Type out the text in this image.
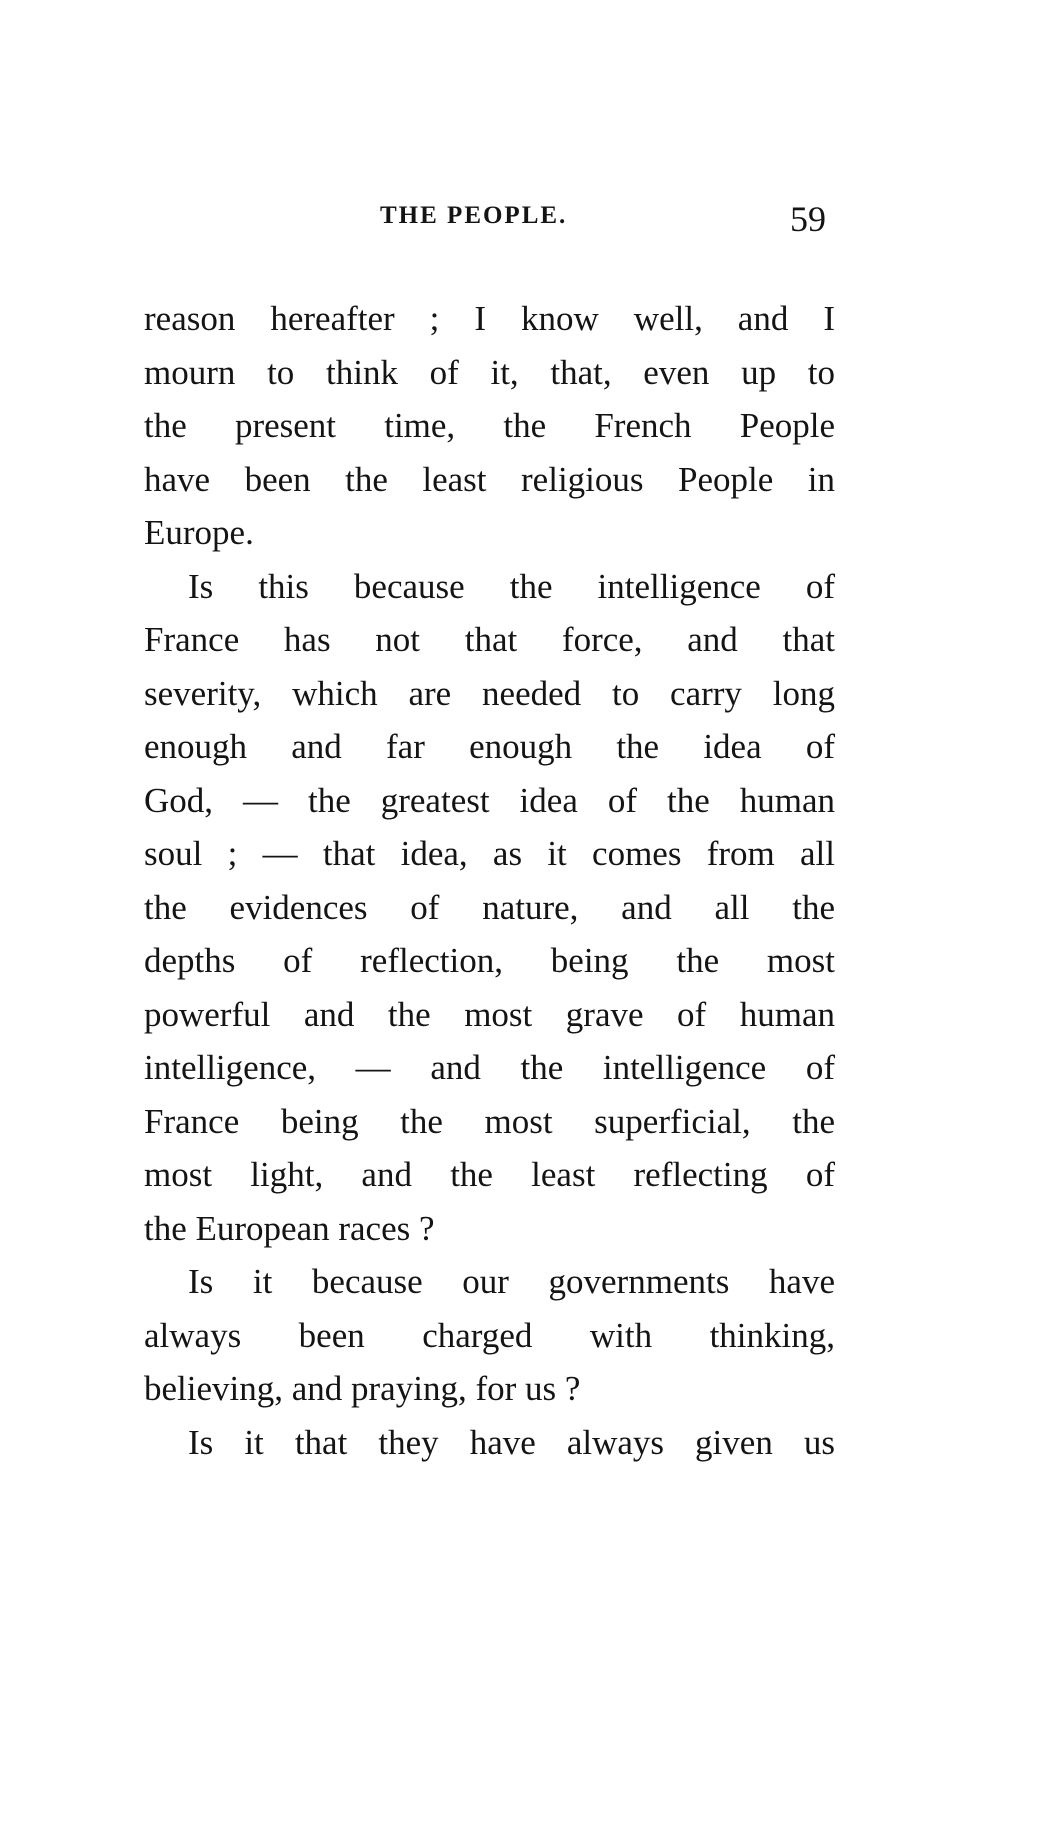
THE PEOPLE.	59
reason hereafter ; I know well, and I
mourn to think of it, that, even up to
the present time, the French People
have been the least religious People in
Europe.
Is this because the intelligence of
France has not that force, and that
severity, which are needed to carry long
enough and far enough the idea of
God, — the greatest idea of the human
soul ; — that idea, as it comes from all
the evidences of nature, and all the
depths of reflection, being the most
powerful and the most grave of human
intelligence, — and the intelligence of
France being the most superficial, the
most light, and the least reflecting of
the European races ?
Is it because our governments have
always been charged with thinking,
believing, and praying, for us ?
Is it that they have always given us
